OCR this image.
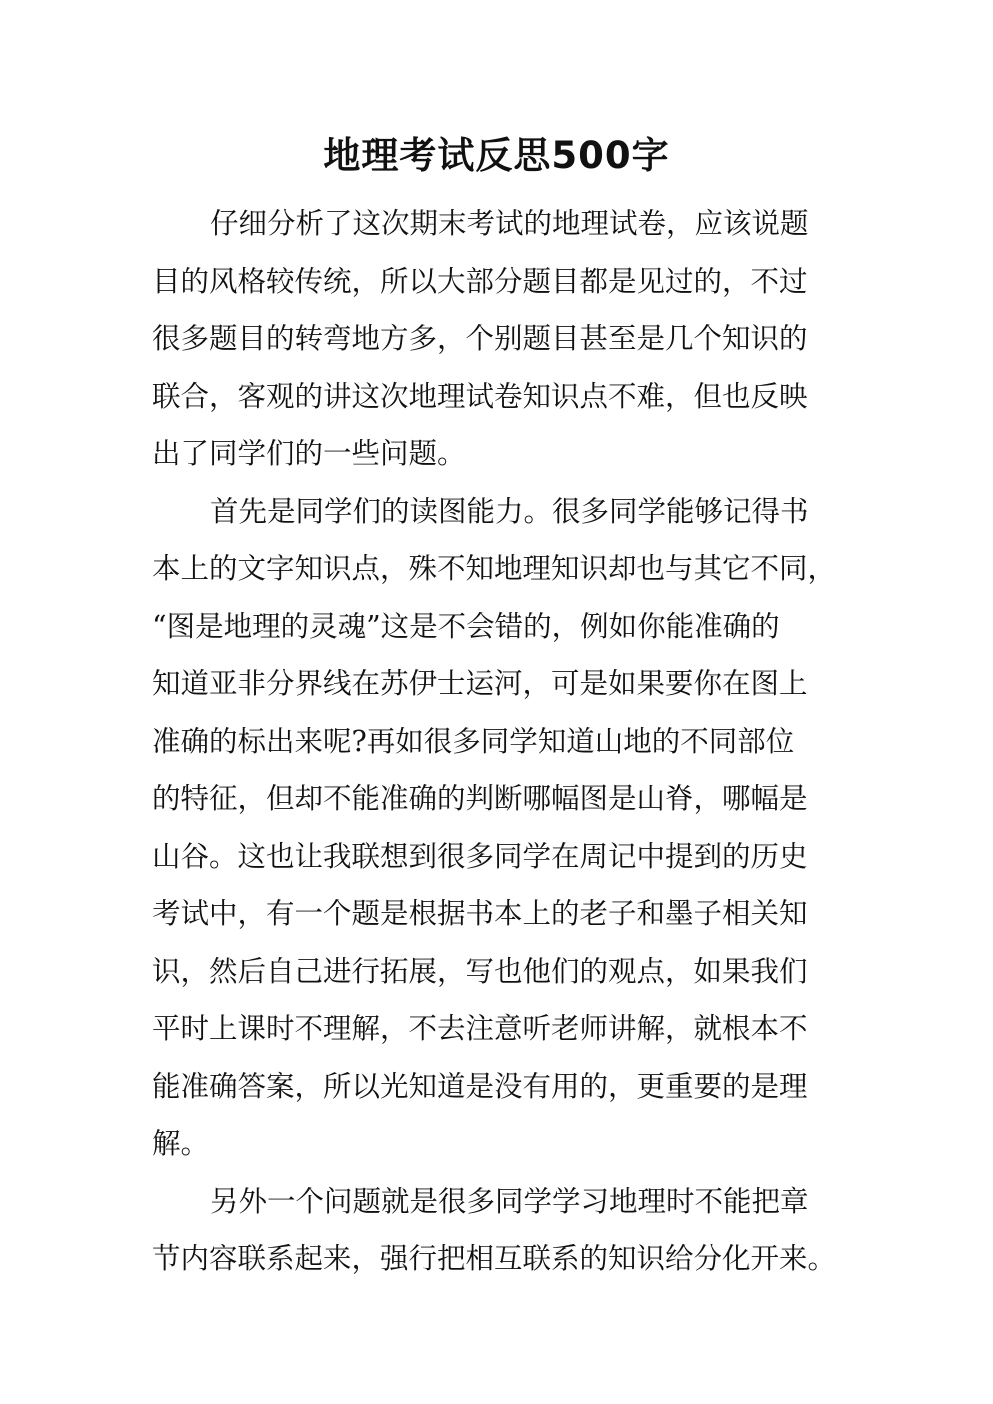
地理考试反思500字
仔细分析了这次期末考试的地理试卷，应该说题
目的风格较传统，所以大部分题目都是见过的，不过
很多题目的转弯地方多，个别题目甚至是几个知识的
联合，客观的讲这次地理试卷知识点不难，但也反映
出了同学们的一些问题。
首先是同学们的读图能力。很多同学能够记得书
本上的文字知识点，殊不知地理知识却也与其它不同，
“图是地理的灵魂”这是不会错的，例如你能准确的
知道亚非分界线在苏伊士运河，可是如果要你在图上
准确的标出来呢?再如很多同学知道山地的不同部位
的特征，但却不能准确的判断哪幅图是山脊，哪幅是
山谷。这也让我联想到很多同学在周记中提到的历史
考试中，有一个题是根据书本上的老子和墨子相关知
识，然后自己进行拓展，写也他们的观点，如果我们
平时上课时不理解，不去注意听老师讲解，就根本不
能准确答案，所以光知道是没有用的，更重要的是理
解。
另外一个问题就是很多同学学习地理时不能把章
节内容联系起来，强行把相互联系的知识给分化开来。
